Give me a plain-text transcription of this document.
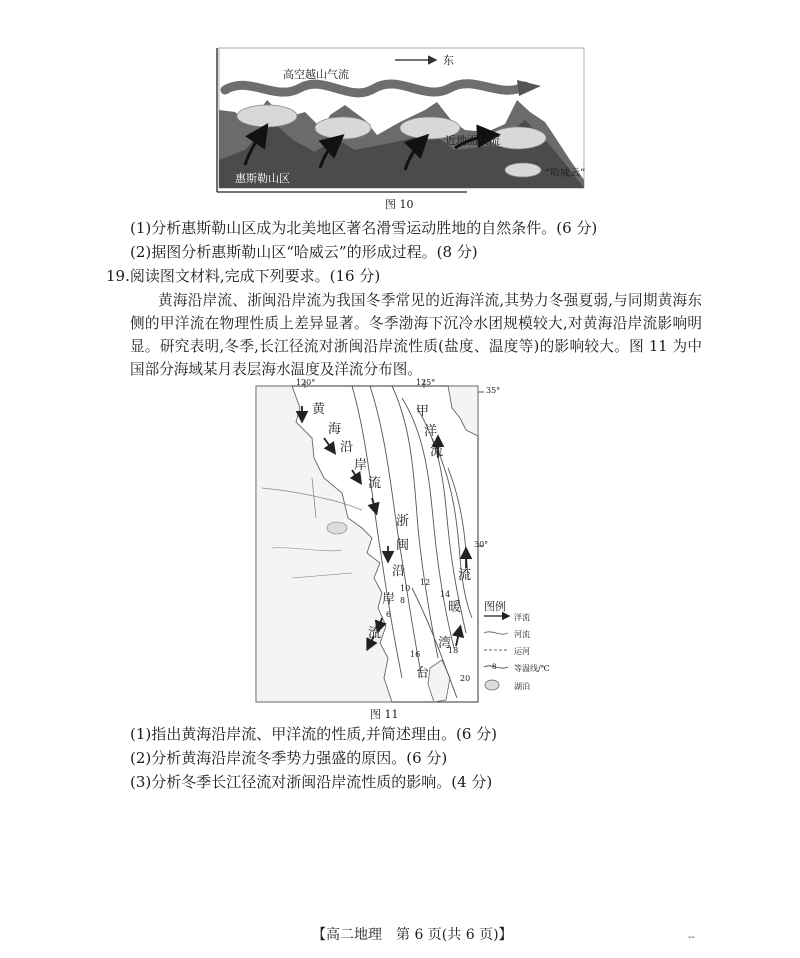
高空越山气流
东
近地面气流
惠斯勒山区	“哈威云”
图 10
(1)分析惠斯勒山区成为北美地区著名滑雪运动胜地的自然条件。(6 分)
(2)据图分析惠斯勒山区“哈威云”的形成过程。(8 分)
19.阅读图文材料,完成下列要求。(16 分)
黄海沿岸流、浙闽沿岸流为我国冬季常见的近海洋流,其势力冬强夏弱,与同期黄海东侧的甲洋流在物理性质上差异显著。冬季渤海下沉冷水团规模较大,对黄海沿岸流影响明显。研究表明,冬季,长江径流对浙闽沿岸流性质(盐度、温度等)的影响较大。图 11 为中国部分海域某月表层海水温度及洋流分布图。
120°	125°
35°
30°
黄
海
沿
岸
流
甲
洋
流
浙
闽
沿
岸
流
流
暖
湾
台
6
8
10
12
14
16	18
20
图例
洋流
河流
运河
8 等温线/℃
湖泊
图 11
(1)指出黄海沿岸流、甲洋流的性质,并简述理由。(6 分)
(2)分析黄海沿岸流冬季势力强盛的原因。(6 分)
(3)分析冬季长江径流对浙闽沿岸流性质的影响。(4 分)
【高二地理　第 6 页(共 6 页)】	--
